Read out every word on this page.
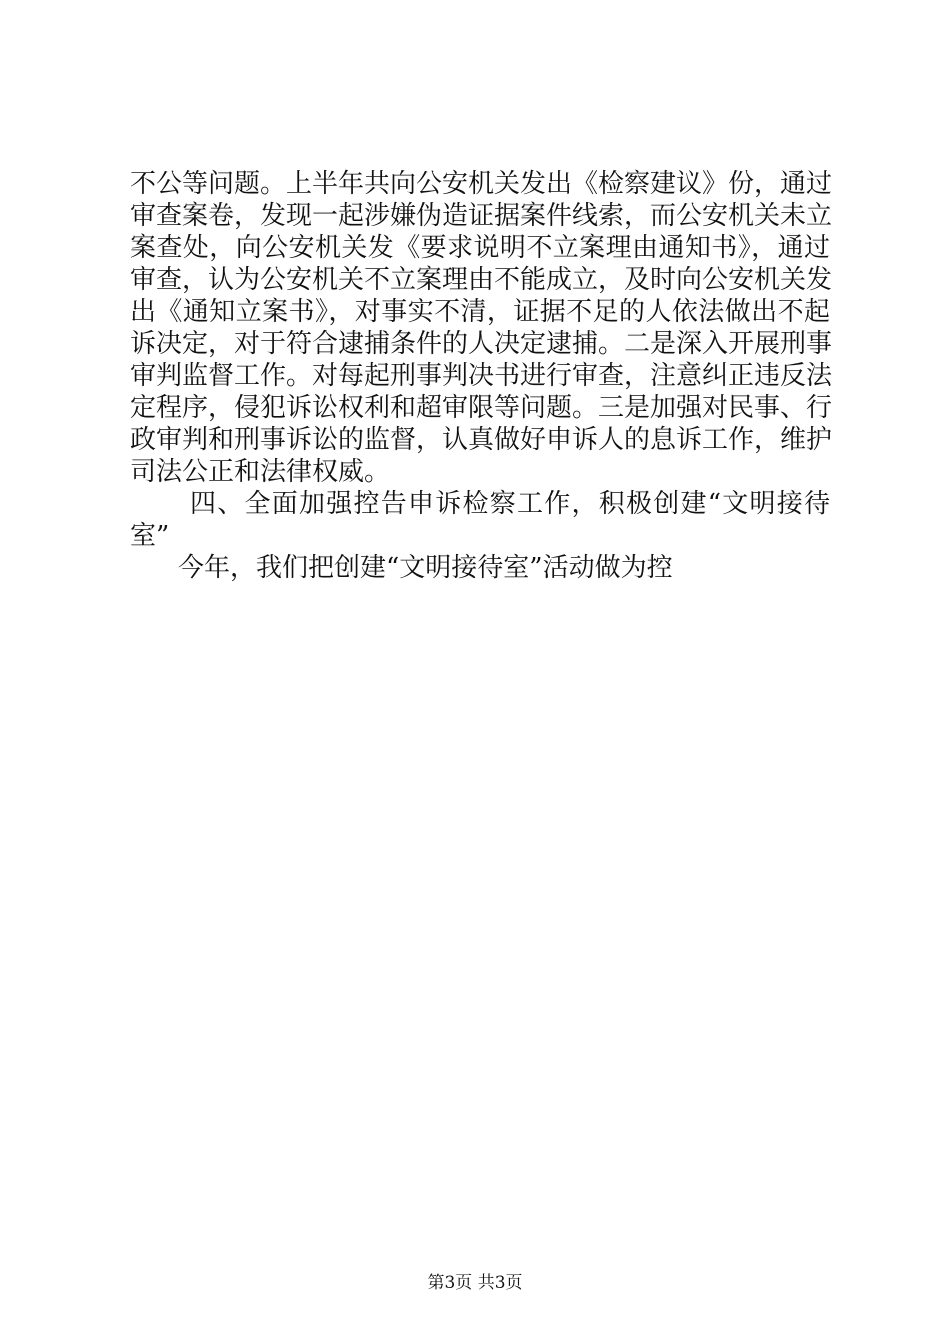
不公等问题。上半年共向公安机关发出《检察建议》份，通过
审查案卷，发现一起涉嫌伪造证据案件线索，而公安机关未立
案查处，向公安机关发《要求说明不立案理由通知书》，通过
审查，认为公安机关不立案理由不能成立，及时向公安机关发
出《通知立案书》，对事实不清，证据不足的人依法做出不起
诉决定，对于符合逮捕条件的人决定逮捕。二是深入开展刑事
审判监督工作。对每起刑事判决书进行审查，注意纠正违反法
定程序，侵犯诉讼权利和超审限等问题。三是加强对民事、行
政审判和刑事诉讼的监督，认真做好申诉人的息诉工作，维护
司法公正和法律权威。
四、全面加强控告申诉检察工作，积极创建“文明接待
室”
今年，我们把创建“文明接待室”活动做为控
第3页 共3页
